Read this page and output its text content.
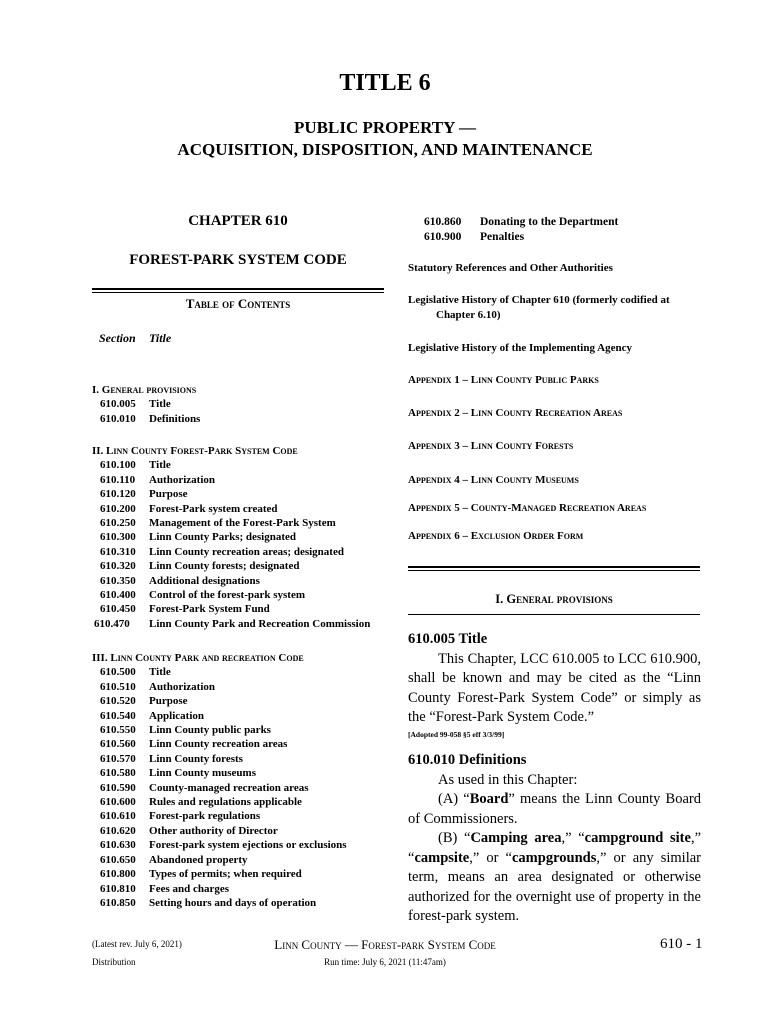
TITLE 6
PUBLIC PROPERTY —
ACQUISITION, DISPOSITION, AND MAINTENANCE
CHAPTER 610
FOREST-PARK SYSTEM CODE
Table of Contents
Section Title
I. General provisions
610.005 Title
610.010 Definitions
II. Linn County Forest-Park System Code
610.100 Title
610.110 Authorization
610.120 Purpose
610.200 Forest-Park system created
610.250 Management of the Forest-Park System
610.300 Linn County Parks; designated
610.310 Linn County recreation areas; designated
610.320 Linn County forests; designated
610.350 Additional designations
610.400 Control of the forest-park system
610.450 Forest-Park System Fund
610.470 Linn County Park and Recreation Commission
III. Linn County Park and recreation Code
610.500 Title
610.510 Authorization
610.520 Purpose
610.540 Application
610.550 Linn County public parks
610.560 Linn County recreation areas
610.570 Linn County forests
610.580 Linn County museums
610.590 County-managed recreation areas
610.600 Rules and regulations applicable
610.610 Forest-park regulations
610.620 Other authority of Director
610.630 Forest-park system ejections or exclusions
610.650 Abandoned property
610.800 Types of permits; when required
610.810 Fees and charges
610.850 Setting hours and days of operation
610.860 Donating to the Department
610.900 Penalties
Statutory References and Other Authorities
Legislative History of Chapter 610 (formerly codified at
Chapter 6.10)
Legislative History of the Implementing Agency
Appendix 1 – Linn County Public Parks
Appendix 2 – Linn County Recreation Areas
Appendix 3 – Linn County Forests
Appendix 4 – Linn County Museums
Appendix 5 – County-Managed Recreation Areas
Appendix 6 – Exclusion Order Form
I. General provisions

610.005 Title

This Chapter, LCC 610.005 to LCC 610.900, shall be known and may be cited as the “Linn County Forest-Park System Code” or simply as the “Forest-Park System Code.”

[Adopted 99-058 §5 eff 3/3/99]

610.010 Definitions

As used in this Chapter:

(A) “Board” means the Linn County Board of Commissioners.

(B) “Camping area,” “campground site,” “campsite,” or “campgrounds,” or any similar term, means an area designated or otherwise authorized for the overnight use of property in the forest-park system.

(Latest rev. July 6, 2021)
Distribution
Linn County — Forest-park System Code
Run time: July 6, 2021 (11:47am)
610 - 1
